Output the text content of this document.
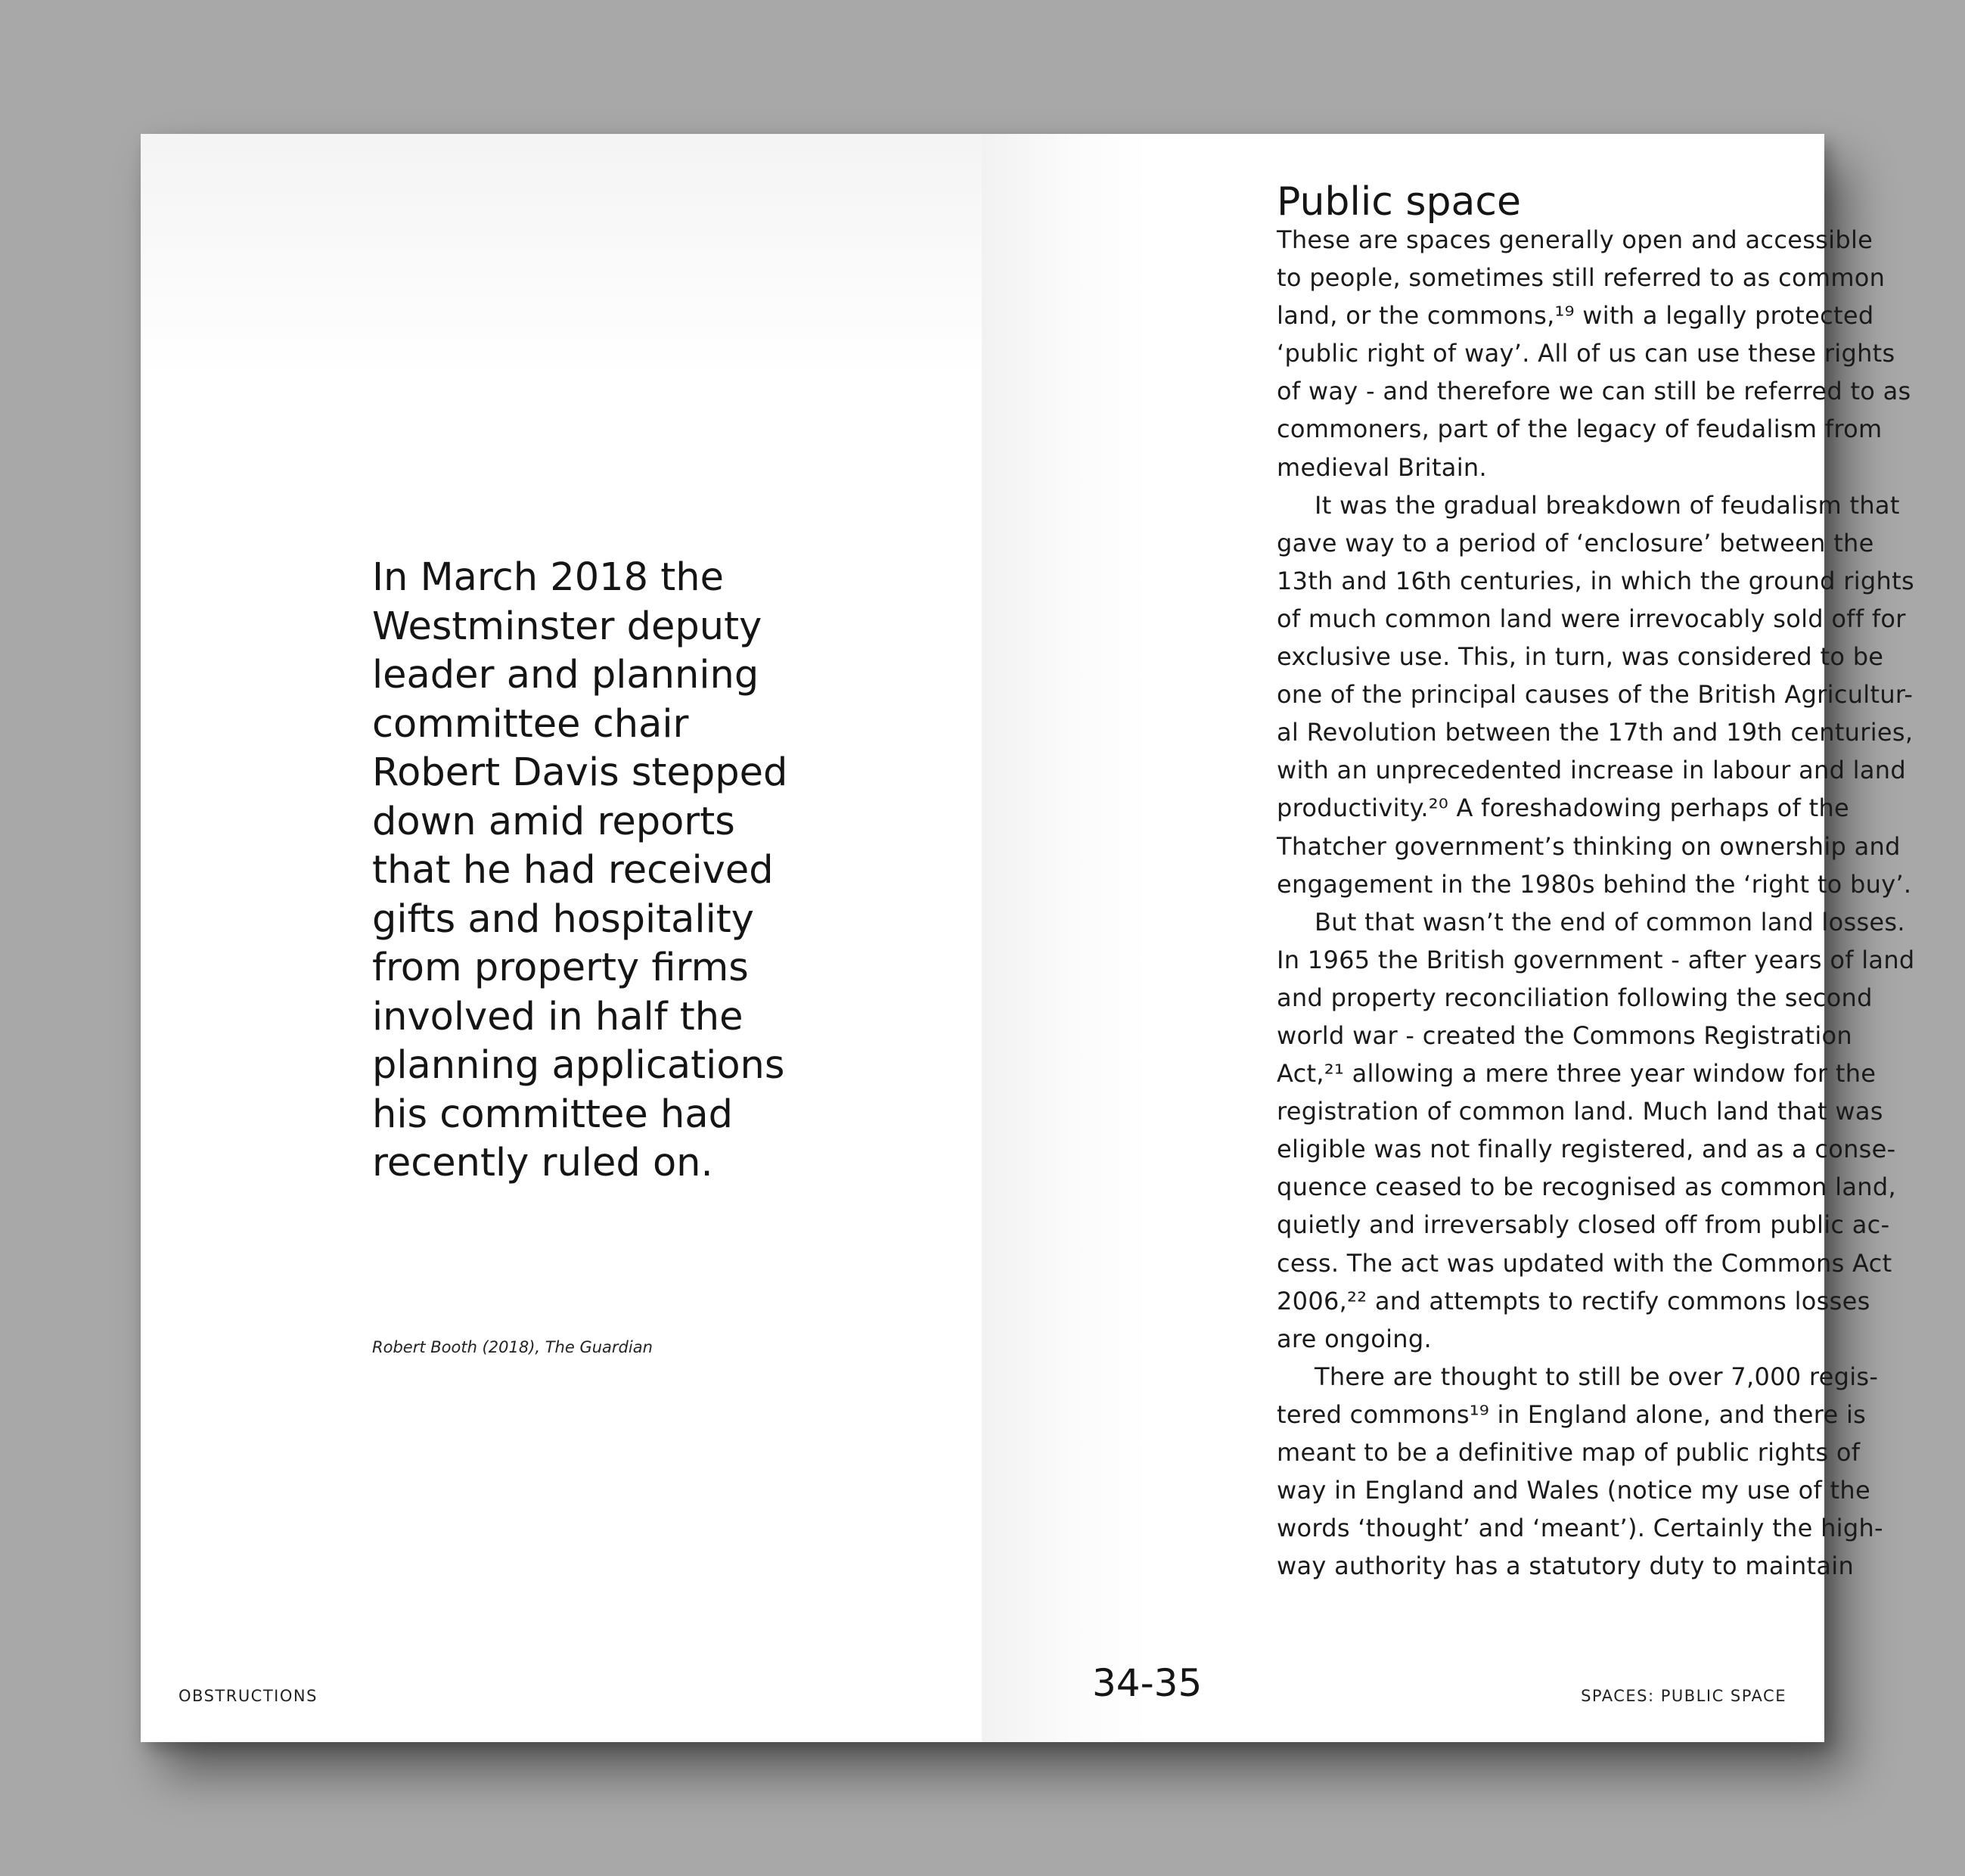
In March 2018 the
Westminster deputy
leader and planning
committee chair
Robert Davis stepped
down amid reports
that he had received
gifts and hospitality
from property firms
involved in half the
planning applications
his committee had
recently ruled on.
Robert Booth (2018), The Guardian
OBSTRUCTIONS
Public space
These are spaces generally open and accessible
to people, sometimes still referred to as common
land, or the commons,¹⁹ with a legally protected
‘public right of way’. All of us can use these rights
of way - and therefore we can still be referred to as
commoners, part of the legacy of feudalism from
medieval Britain.
It was the gradual breakdown of feudalism that
gave way to a period of ‘enclosure’ between the
13th and 16th centuries, in which the ground rights
of much common land were irrevocably sold off for
exclusive use. This, in turn, was considered to be
one of the principal causes of the British Agricultur-
al Revolution between the 17th and 19th centuries,
with an unprecedented increase in labour and land
productivity.²⁰ A foreshadowing perhaps of the
Thatcher government’s thinking on ownership and
engagement in the 1980s behind the ‘right to buy’.
But that wasn’t the end of common land losses.
In 1965 the British government - after years of land
and property reconciliation following the second
world war - created the Commons Registration
Act,²¹ allowing a mere three year window for the
registration of common land. Much land that was
eligible was not finally registered, and as a conse-
quence ceased to be recognised as common land,
quietly and irreversably closed off from public ac-
cess. The act was updated with the Commons Act
2006,²² and attempts to rectify commons losses
are ongoing.
There are thought to still be over 7,000 regis-
tered commons¹⁹ in England alone, and there is
meant to be a definitive map of public rights of
way in England and Wales (notice my use of the
words ‘thought’ and ‘meant’). Certainly the high-
way authority has a statutory duty to maintain
SPACES: PUBLIC SPACE
34-35
